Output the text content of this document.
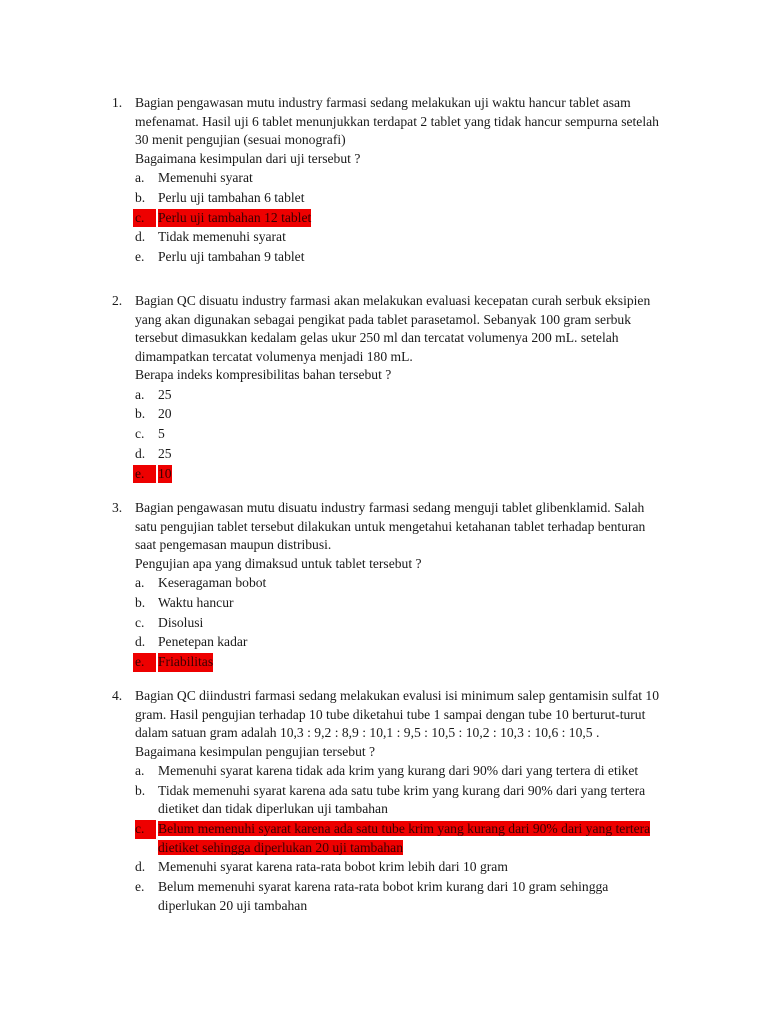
1. Bagian pengawasan mutu industry farmasi sedang melakukan uji waktu hancur tablet asam
mefenamat. Hasil uji 6 tablet menunjukkan terdapat 2 tablet yang tidak hancur sempurna setelah
30 menit pengujian (sesuai monografi)
Bagaimana kesimpulan dari uji tersebut ?
a. Memenuhi syarat
b. Perlu uji tambahan 6 tablet
c. Perlu uji tambahan 12 tablet
d. Tidak memenuhi syarat
e. Perlu uji tambahan 9 tablet
2. Bagian QC disuatu industry farmasi akan melakukan evaluasi kecepatan curah serbuk eksipien
yang akan digunakan sebagai pengikat pada tablet parasetamol. Sebanyak 100 gram serbuk
tersebut dimasukkan kedalam gelas ukur 250 ml dan tercatat volumenya 200 mL. setelah
dimampatkan tercatat volumenya menjadi 180 mL.
Berapa indeks kompresibilitas bahan tersebut ?
a. 25
b. 20
c. 5
d. 25
e. 10
3. Bagian pengawasan mutu disuatu industry farmasi sedang menguji tablet glibenklamid. Salah
satu pengujian tablet tersebut dilakukan untuk mengetahui ketahanan tablet terhadap benturan
saat pengemasan maupun distribusi.
Pengujian apa yang dimaksud untuk tablet tersebut ?
a. Keseragaman bobot
b. Waktu hancur
c. Disolusi
d. Penetepan kadar
e. Friabilitas
4. Bagian QC diindustri farmasi sedang melakukan evalusi isi minimum salep gentamisin sulfat 10
gram. Hasil pengujian terhadap 10 tube diketahui tube 1 sampai dengan tube 10 berturut-turut
dalam satuan gram adalah 10,3 : 9,2 : 8,9 : 10,1 : 9,5 : 10,5 : 10,2 : 10,3 : 10,6 : 10,5 .
Bagaimana kesimpulan pengujian tersebut ?
a. Memenuhi syarat karena tidak ada krim yang kurang dari 90% dari yang tertera di etiket
b. Tidak memenuhi syarat karena ada satu tube krim yang kurang dari 90% dari yang tertera
dietiket dan tidak diperlukan uji tambahan
c. Belum memenuhi syarat karena ada satu tube krim yang kurang dari 90% dari yang tertera
dietiket sehingga diperlukan 20 uji tambahan
d. Memenuhi syarat karena rata-rata bobot krim lebih dari 10 gram
e. Belum memenuhi syarat karena rata-rata bobot krim kurang dari 10 gram sehingga
diperlukan 20 uji tambahan
